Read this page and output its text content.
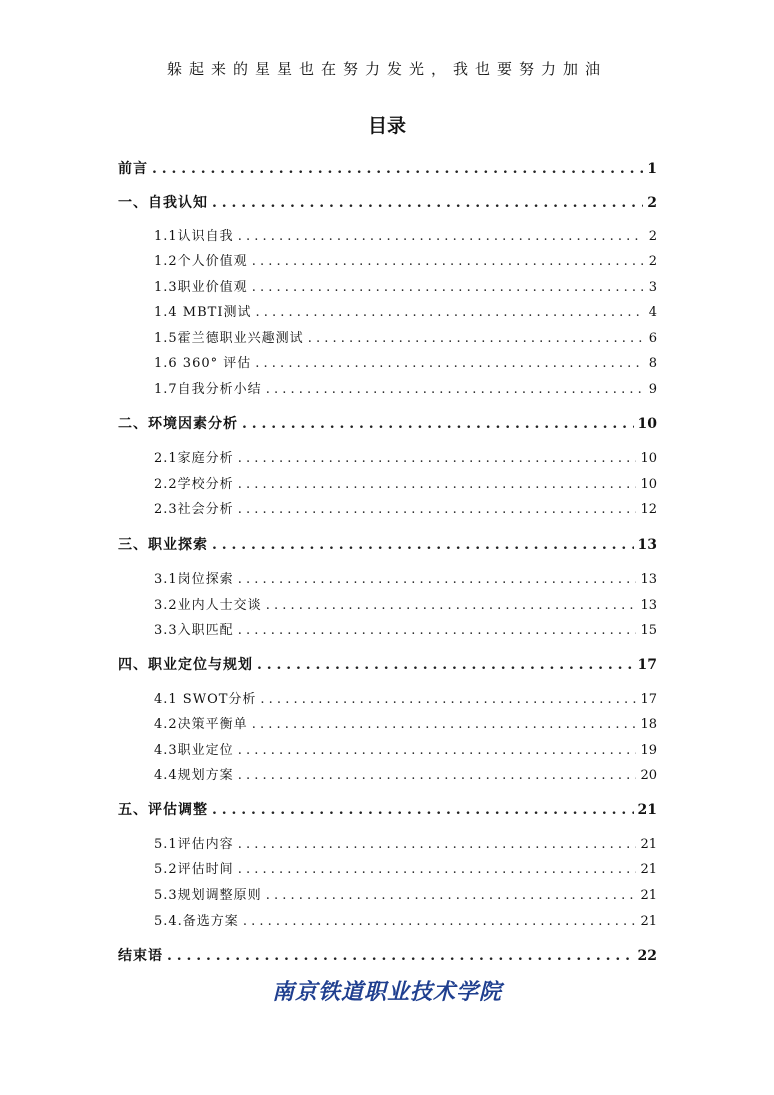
躲起来的星星也在努力发光，我也要努力加油
目录
前言 . . .	1
一、自我认知 . . .	2
1.1认识自我 . . .	2
1.2个人价值观 . . .	2
1.3职业价值观 . . .	3
1.4 MBTI测试 . . .	4
1.5霍兰德职业兴趣测试 . . .	6
1.6 360° 评估 . . .	8
1.7自我分析小结 . . .	9
二、环境因素分析 . . .	10
2.1家庭分析 . . .	10
2.2学校分析 . . .	10
2.3社会分析 . . .	12
三、职业探索 . . .	13
3.1岗位探索 . . .	13
3.2业内人士交谈 . . .	13
3.3入职匹配 . . .	15
四、职业定位与规划 . . .	17
4.1 SWOT分析 . . .	17
4.2决策平衡单 . . .	18
4.3职业定位 . . .	19
4.4规划方案 . . .	20
五、评估调整 . . .	21
5.1评估内容 . . .	21
5.2评估时间 . . .	21
5.3规划调整原则 . . .	21
5.4.备选方案 . . .	21
结束语 . . .	22
南京铁道职业技术学院
